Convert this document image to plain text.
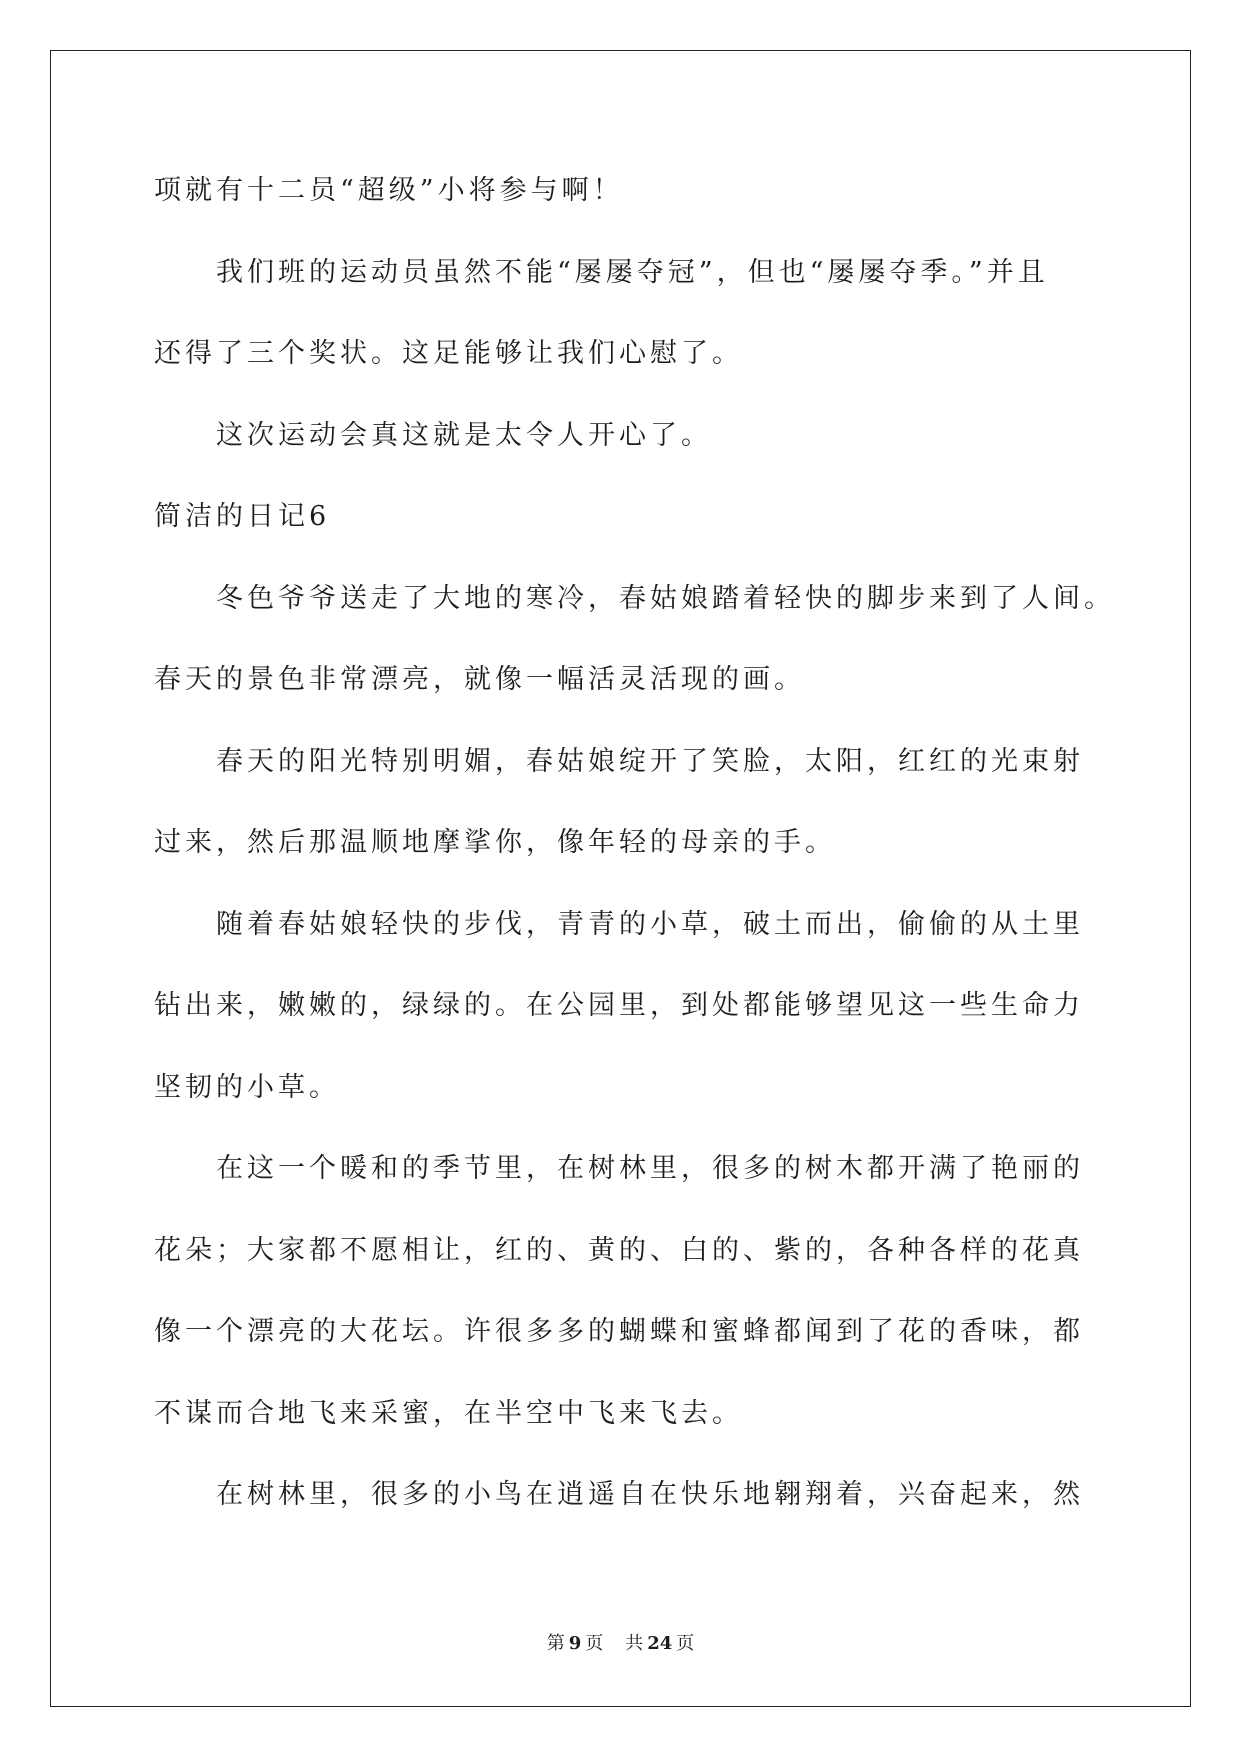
项就有十二员“超级”小将参与啊！
我们班的运动员虽然不能“屡屡夺冠”，但也“屡屡夺季。”并且
还得了三个奖状。这足能够让我们心慰了。
这次运动会真这就是太令人开心了。
简洁的日记6
冬色爷爷送走了大地的寒冷，春姑娘踏着轻快的脚步来到了人间。
春天的景色非常漂亮，就像一幅活灵活现的画。
春天的阳光特别明媚，春姑娘绽开了笑脸，太阳，红红的光束射
过来，然后那温顺地摩挲你，像年轻的母亲的手。
随着春姑娘轻快的步伐，青青的小草，破土而出，偷偷的从土里
钻出来，嫩嫩的，绿绿的。在公园里，到处都能够望见这一些生命力
坚韧的小草。
在这一个暖和的季节里，在树林里，很多的树木都开满了艳丽的
花朵；大家都不愿相让，红的、黄的、白的、紫的，各种各样的花真
像一个漂亮的大花坛。许很多多的蝴蝶和蜜蜂都闻到了花的香味，都
不谋而合地飞来采蜜，在半空中飞来飞去。
在树林里，很多的小鸟在逍遥自在快乐地翱翔着，兴奋起来，然
第 9 页 共 24 页
